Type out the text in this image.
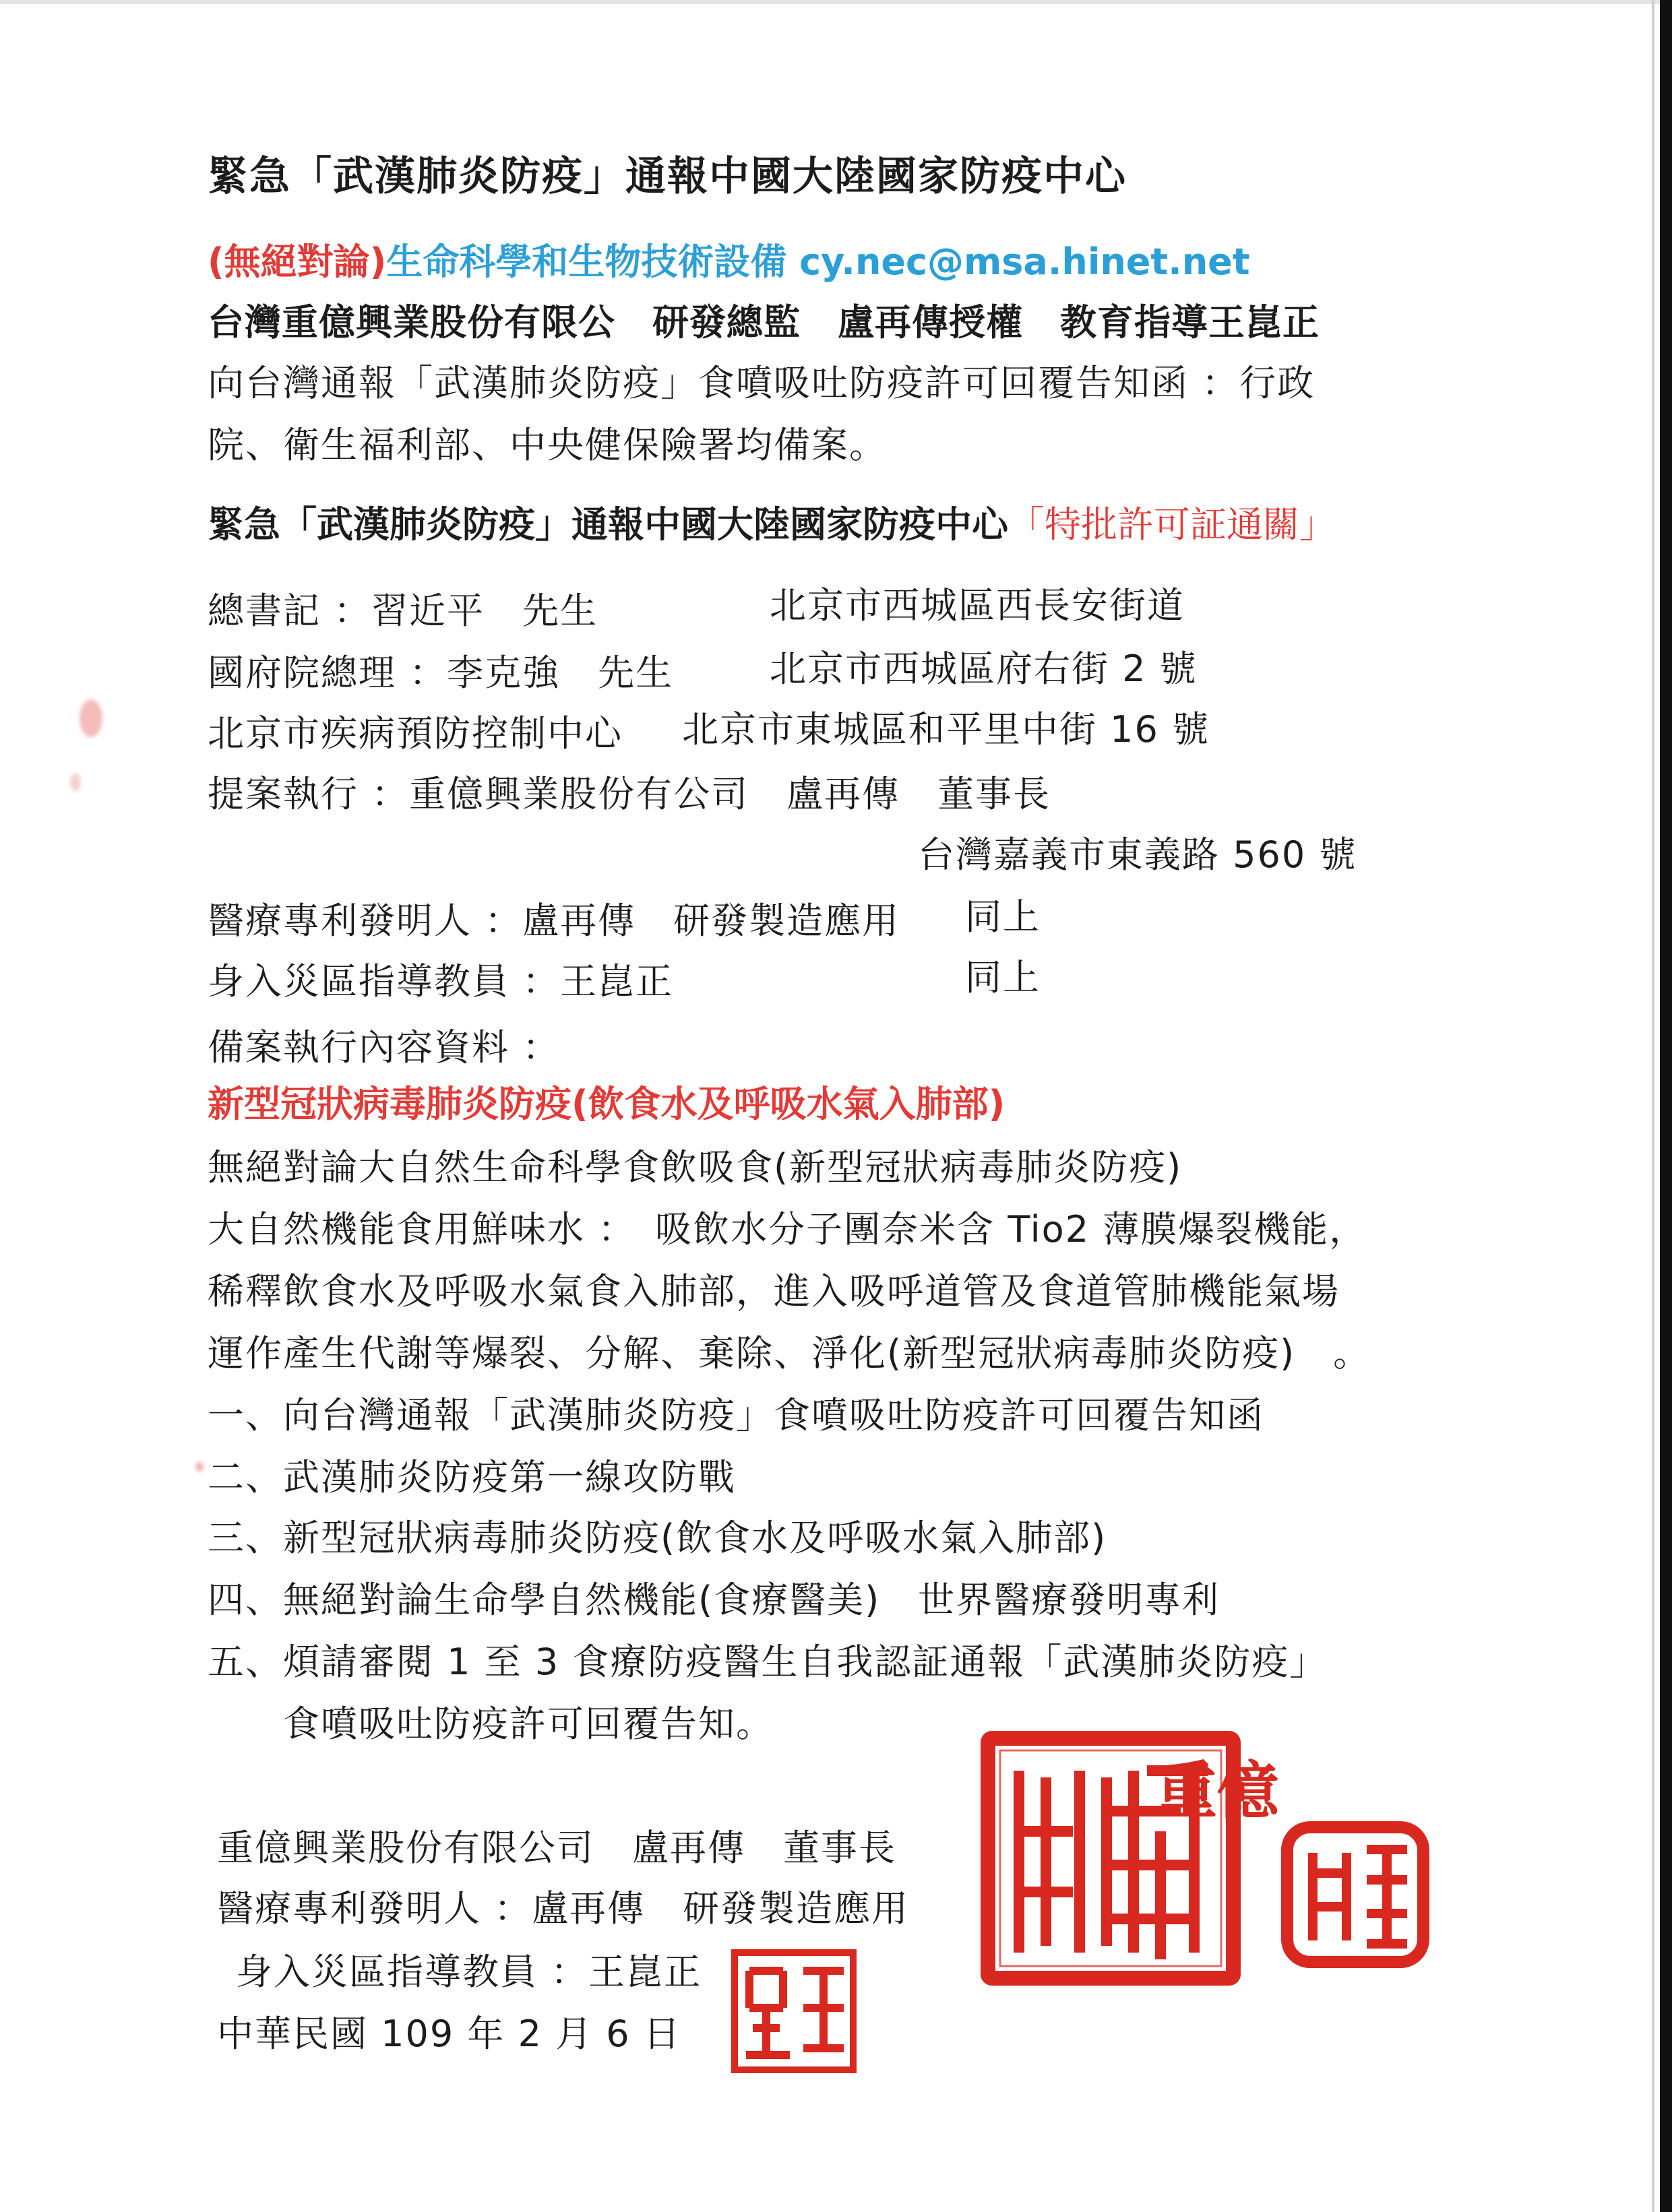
緊急「武漢肺炎防疫」通報中國大陸國家防疫中心
(無絕對論)生命科學和生物技術設備 cy.nec@msa.hinet.net
台灣重億興業股份有限公　研發總監　盧再傳授權　教育指導王崑正
向台灣通報「武漢肺炎防疫」食噴吸吐防疫許可回覆告知函 ：行政
院、衛生福利部、中央健保險署均備案。
緊急「武漢肺炎防疫」通報中國大陸國家防疫中心「特批許可証通關」
總書記 ：習近平　先生	北京市西城區西長安街道
國府院總理 ：李克強　先生	北京市西城區府右街 2 號
北京市疾病預防控制中心 北京市東城區和平里中街 16 號
提案執行 ：重億興業股份有公司　盧再傳　董事長
台灣嘉義市東義路 560 號
醫療專利發明人 ：盧再傳　研發製造應用 同上
身入災區指導教員 ：王崑正	同上
備案執行內容資料 ：
新型冠狀病毒肺炎防疫(飲食水及呼吸水氣入肺部)
無絕對論大自然生命科學食飲吸食(新型冠狀病毒肺炎防疫)
大自然機能食用鮮味水 ：　吸飲水分子團奈米含 Tio2 薄膜爆裂機能，
稀釋飲食水及呼吸水氣食入肺部，進入吸呼道管及食道管肺機能氣場
運作產生代謝等爆裂、分解、棄除、淨化(新型冠狀病毒肺炎防疫)　。
一、向台灣通報「武漢肺炎防疫」食噴吸吐防疫許可回覆告知函
二、武漢肺炎防疫第一線攻防戰
三、新型冠狀病毒肺炎防疫(飲食水及呼吸水氣入肺部)
四、無絕對論生命學自然機能(食療醫美)　世界醫療發明專利
五、煩請審閱 1 至 3 食療防疫醫生自我認証通報「武漢肺炎防疫」
　　食噴吸吐防疫許可回覆告知。
重億興業股份有限公司　盧再傳　董事長
醫療專利發明人 ：盧再傳　研發製造應用
身入災區指導教員 ：王崑正
中華民國 109 年 2 月 6 日
重億
